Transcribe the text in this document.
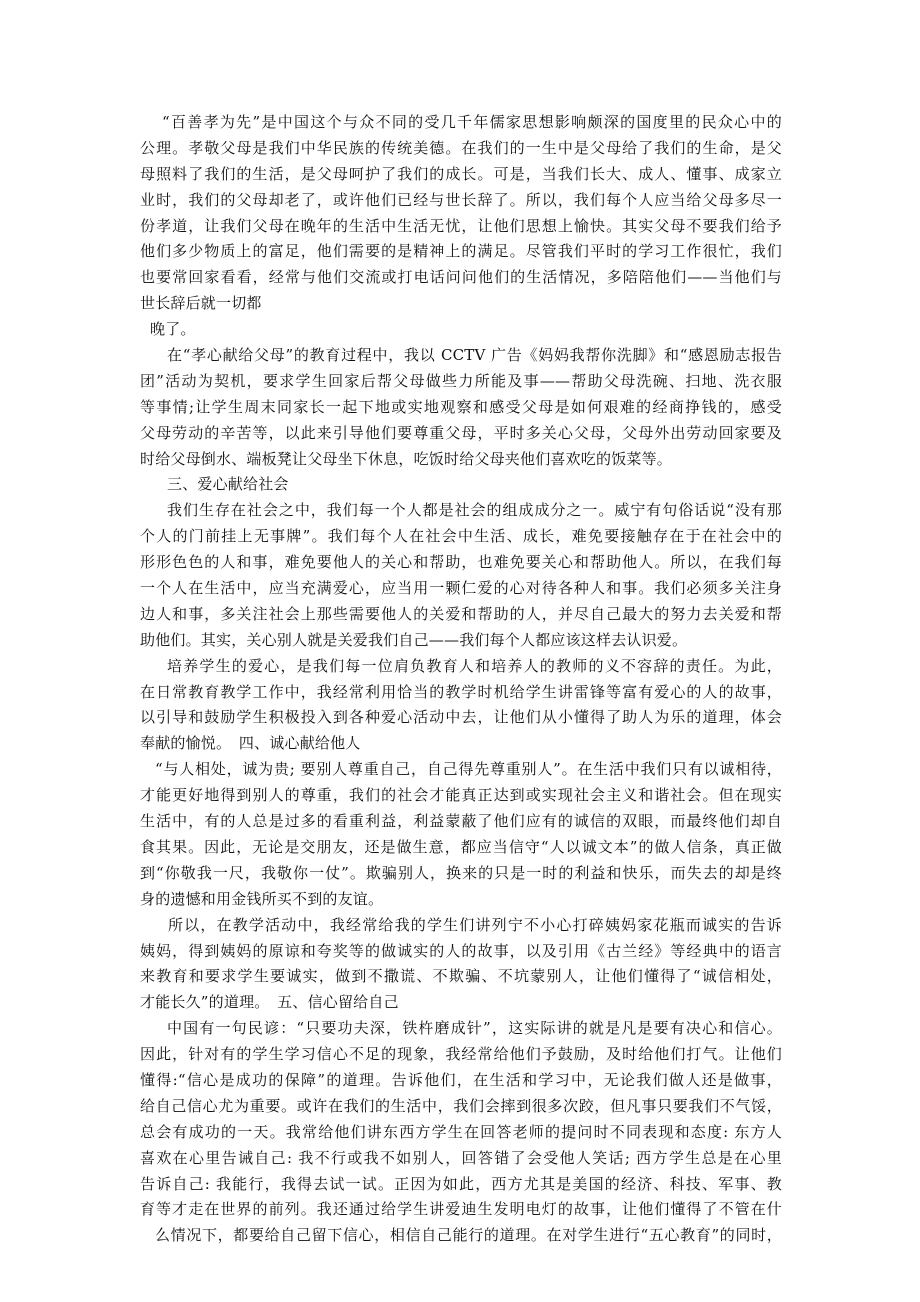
“百善孝为先”是中国这个与众不同的受几千年儒家思想影响颇深的国度里的民众心中的
公理。孝敬父母是我们中华民族的传统美德。在我们的一生中是父母给了我们的生命，是父
母照料了我们的生活，是父母呵护了我们的成长。可是，当我们长大、成人、懂事、成家立
业时，我们的父母却老了，或许他们已经与世长辞了。所以，我们每个人应当给父母多尽一
份孝道，让我们父母在晚年的生活中生活无忧，让他们思想上愉快。其实父母不要我们给予
他们多少物质上的富足，他们需要的是精神上的满足。尽管我们平时的学习工作很忙，我们
也要常回家看看，经常与他们交流或打电话问问他们的生活情况，多陪陪他们——当他们与
世长辞后就一切都
晚了。
在“孝心献给父母”的教育过程中，我以 CCTV 广告《妈妈我帮你洗脚》和“感恩励志报告
团”活动为契机，要求学生回家后帮父母做些力所能及事——帮助父母洗碗、扫地、洗衣服
等事情;让学生周末同家长一起下地或实地观察和感受父母是如何艰难的经商挣钱的，感受
父母劳动的辛苦等，以此来引导他们要尊重父母，平时多关心父母，父母外出劳动回家要及
时给父母倒水、端板凳让父母坐下休息，吃饭时给父母夹他们喜欢吃的饭菜等。
三、爱心献给社会
我们生存在社会之中，我们每一个人都是社会的组成成分之一。威宁有句俗话说“没有那
个人的门前挂上无事牌”。我们每个人在社会中生活、成长，难免要接触存在于在社会中的
形形色色的人和事，难免要他人的关心和帮助，也难免要关心和帮助他人。所以，在我们每
一个人在生活中，应当充满爱心，应当用一颗仁爱的心对待各种人和事。我们必须多关注身
边人和事，多关注社会上那些需要他人的关爱和帮助的人，并尽自己最大的努力去关爱和帮
助他们。其实，关心别人就是关爱我们自己——我们每个人都应该这样去认识爱。
培养学生的爱心，是我们每一位肩负教育人和培养人的教师的义不容辞的责任。为此，
在日常教育教学工作中，我经常利用恰当的教学时机给学生讲雷锋等富有爱心的人的故事，
以引导和鼓励学生积极投入到各种爱心活动中去，让他们从小懂得了助人为乐的道理，体会
奉献的愉悦。　四、诚心献给他人
“与人相处，诚为贵; 要别人尊重自己，自己得先尊重别人”。在生活中我们只有以诚相待，
才能更好地得到别人的尊重，我们的社会才能真正达到或实现社会主义和谐社会。但在现实
生活中，有的人总是过多的看重利益，利益蒙蔽了他们应有的诚信的双眼，而最终他们却自
食其果。因此，无论是交朋友，还是做生意，都应当信守“人以诚文本”的做人信条，真正做
到“你敬我一尺，我敬你一仗”。欺骗别人，换来的只是一时的利益和快乐，而失去的却是终
身的遗憾和用金钱所买不到的友谊。
所以，在教学活动中，我经常给我的学生们讲列宁不小心打碎姨妈家花瓶而诚实的告诉
姨妈，得到姨妈的原谅和夸奖等的做诚实的人的故事，以及引用《古兰经》等经典中的语言
来教育和要求学生要诚实，做到不撒谎、不欺骗、不坑蒙别人，让他们懂得了“诚信相处，
才能长久”的道理。　五、信心留给自己
中国有一句民谚：“只要功夫深，铁杵磨成针”，这实际讲的就是凡是要有决心和信心。
因此，针对有的学生学习信心不足的现象，我经常给他们予鼓励，及时给他们打气。让他们
懂得:“信心是成功的保障”的道理。告诉他们，在生活和学习中，无论我们做人还是做事，
给自己信心尤为重要。或许在我们的生活中，我们会摔到很多次跤，但凡事只要我们不气馁，
总会有成功的一天。我常给他们讲东西方学生在回答老师的提问时不同表现和态度: 东方人
喜欢在心里告诫自己: 我不行或我不如别人，回答错了会受他人笑话; 西方学生总是在心里
告诉自己: 我能行，我得去试一试。正因为如此，西方尤其是美国的经济、科技、军事、教
育等才走在世界的前列。我还通过给学生讲爱迪生发明电灯的故事，让他们懂得了不管在什
么情况下，都要给自己留下信心，相信自己能行的道理。在对学生进行“五心教育”的同时，
